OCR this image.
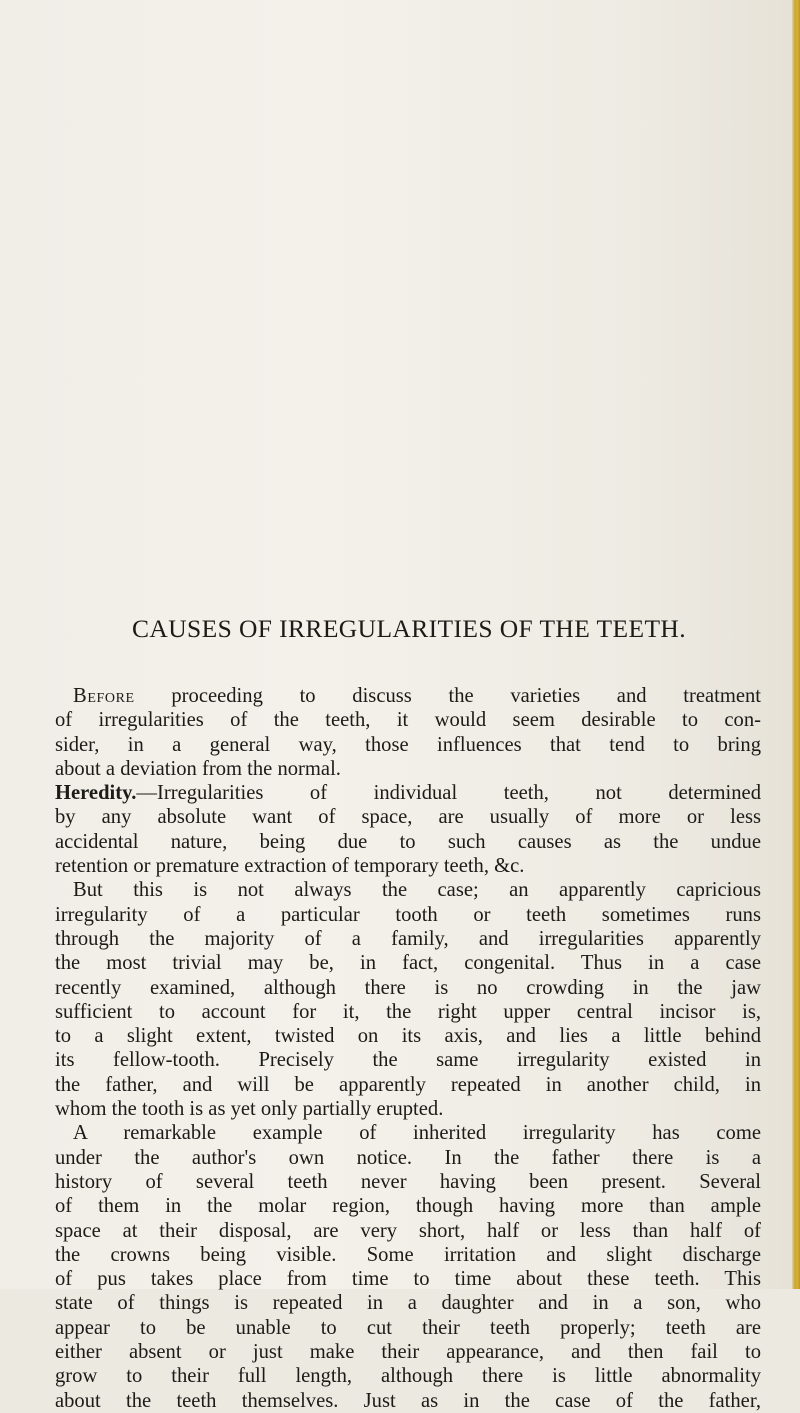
CAUSES OF IRREGULARITIES OF THE TEETH.
Before proceeding to discuss the varieties and treatment
of irregularities of the teeth, it would seem desirable to con-
sider, in a general way, those influences that tend to bring
about a deviation from the normal.
Heredity.—Irregularities of individual teeth, not determined
by any absolute want of space, are usually of more or less
accidental nature, being due to such causes as the undue
retention or premature extraction of temporary teeth, &c.
But this is not always the case; an apparently capricious
irregularity of a particular tooth or teeth sometimes runs
through the majority of a family, and irregularities apparently
the most trivial may be, in fact, congenital. Thus in a case
recently examined, although there is no crowding in the jaw
sufficient to account for it, the right upper central incisor is,
to a slight extent, twisted on its axis, and lies a little behind
its fellow-tooth. Precisely the same irregularity existed in
the father, and will be apparently repeated in another child, in
whom the tooth is as yet only partially erupted.
A remarkable example of inherited irregularity has come
under the author's own notice. In the father there is a
history of several teeth never having been present. Several
of them in the molar region, though having more than ample
space at their disposal, are very short, half or less than half of
the crowns being visible. Some irritation and slight discharge
of pus takes place from time to time about these teeth. This
state of things is repeated in a daughter and in a son, who
appear to be unable to cut their teeth properly; teeth are
either absent or just make their appearance, and then fail to
grow to their full length, although there is little abnormality
about the teeth themselves. Just as in the case of the father,
